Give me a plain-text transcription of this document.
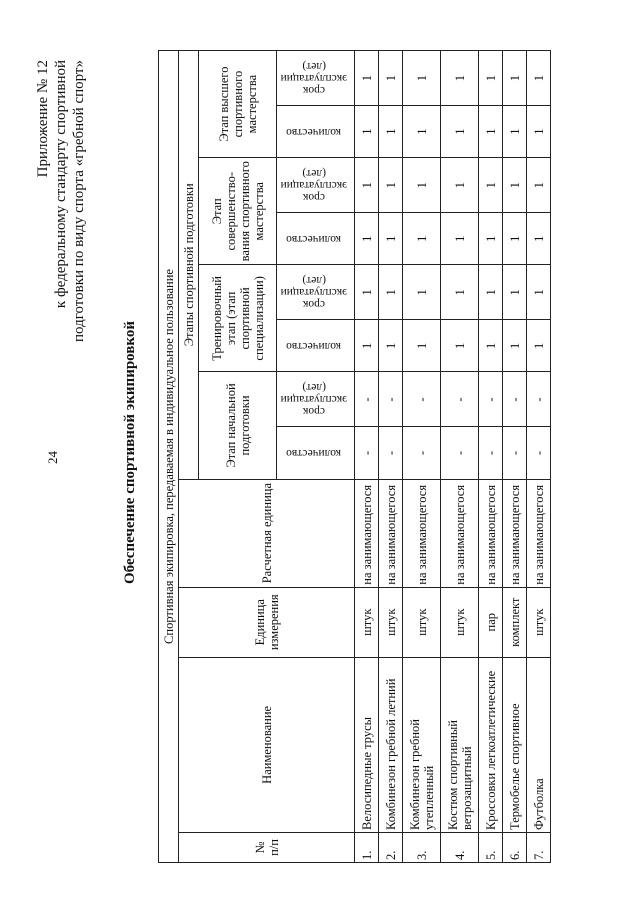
24
Приложение № 12 к федеральному стандарту спортивной подготовки по виду спорта «гребной спорт»
Обеспечение спортивной экипировкой Спортивная экипировка, передаваемая в индивидуальное пользование											
№ п/п	Наименование	Единица измерения	Расчетная единица	Этапы спортивной подготовки							
				Этап начальной подготовки		Тренировочный этап (этап спортивной специализации)		Этап совершенство-вания спортивного мастерства		Этап высшего спортивного мастерства	
				количество	срок эксплуатации (лет)	количество	срок эксплуатации (лет)	количество	срок эксплуатации (лет)	количество	срок эксплуатации (лет)
1.	Велосипедные трусы	штук	на занимающегося	-	-	1	1	1	1	1	1
2.	Комбинезон гребной летний	штук	на занимающегося	-	-	1	1	1	1	1	1
3.	Комбинезон гребной утепленный	штук	на занимающегося	-	-	1	1	1	1	1	1
4.	Костюм спортивный ветрозащитный	штук	на занимающегося	-	-	1	1	1	1	1	1
5.	Кроссовки легкоатлетические	пар	на занимающегося	-	-	1	1	1	1	1	1
6.	Термобелье спортивное	комплект	на занимающегося	-	-	1	1	1	1	1	1
7.	Футболка	штук	на занимающегося	-	-	1	1	1	1	1	1
